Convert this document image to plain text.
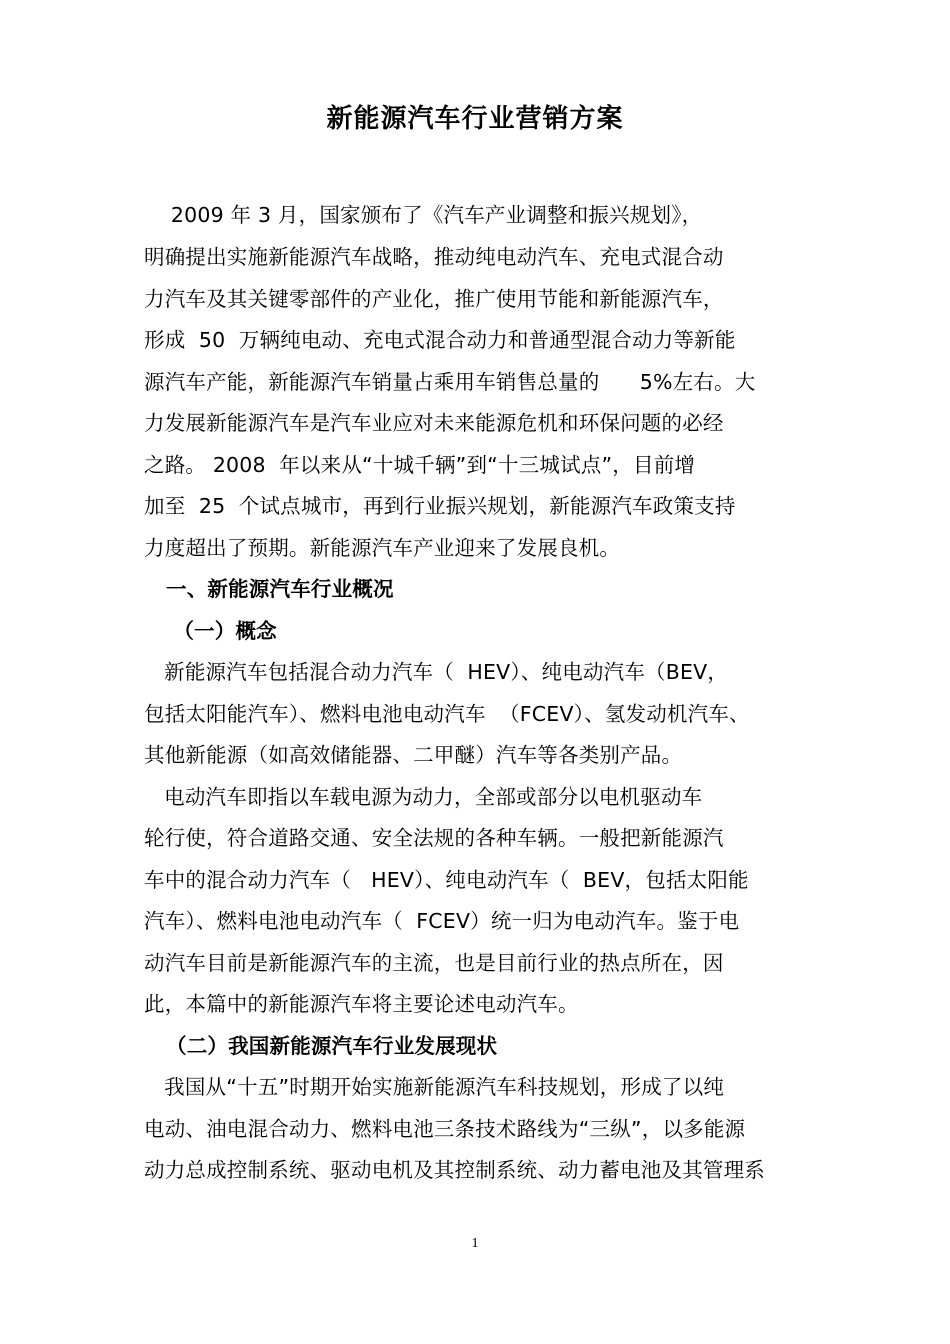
新能源汽车行业营销方案
2009 年 3 月，国家颁布了《汽车产业调整和振兴规划》，
明确提出实施新能源汽车战略，推动纯电动汽车、充电式混合动
力汽车及其关键零部件的产业化，推广使用节能和新能源汽车，
形成  50  万辆纯电动、充电式混合动力和普通型混合动力等新能
源汽车产能，新能源汽车销量占乘用车销售总量的      5%左右。大
力发展新能源汽车是汽车业应对未来能源危机和环保问题的必经
之路。 2008  年以来从“十城千辆”到“十三城试点”，目前增
加至  25  个试点城市，再到行业振兴规划，新能源汽车政策支持
力度超出了预期。新能源汽车产业迎来了发展良机。
一、新能源汽车行业概况
（一）概念
新能源汽车包括混合动力汽车（  HEV）、纯电动汽车（BEV，
包括太阳能汽车）、燃料电池电动汽车  （FCEV）、氢发动机汽车、
其他新能源（如高效储能器、二甲醚）汽车等各类别产品。
电动汽车即指以车载电源为动力，全部或部分以电机驱动车
轮行使，符合道路交通、安全法规的各种车辆。一般把新能源汽
车中的混合动力汽车（   HEV）、纯电动汽车（  BEV，包括太阳能
汽车）、燃料电池电动汽车（  FCEV）统一归为电动汽车。鉴于电
动汽车目前是新能源汽车的主流，也是目前行业的热点所在，因
此，本篇中的新能源汽车将主要论述电动汽车。
（二）我国新能源汽车行业发展现状
我国从“十五”时期开始实施新能源汽车科技规划，形成了以纯
电动、油电混合动力、燃料电池三条技术路线为“三纵”，以多能源
动力总成控制系统、驱动电机及其控制系统、动力蓄电池及其管理系
1
